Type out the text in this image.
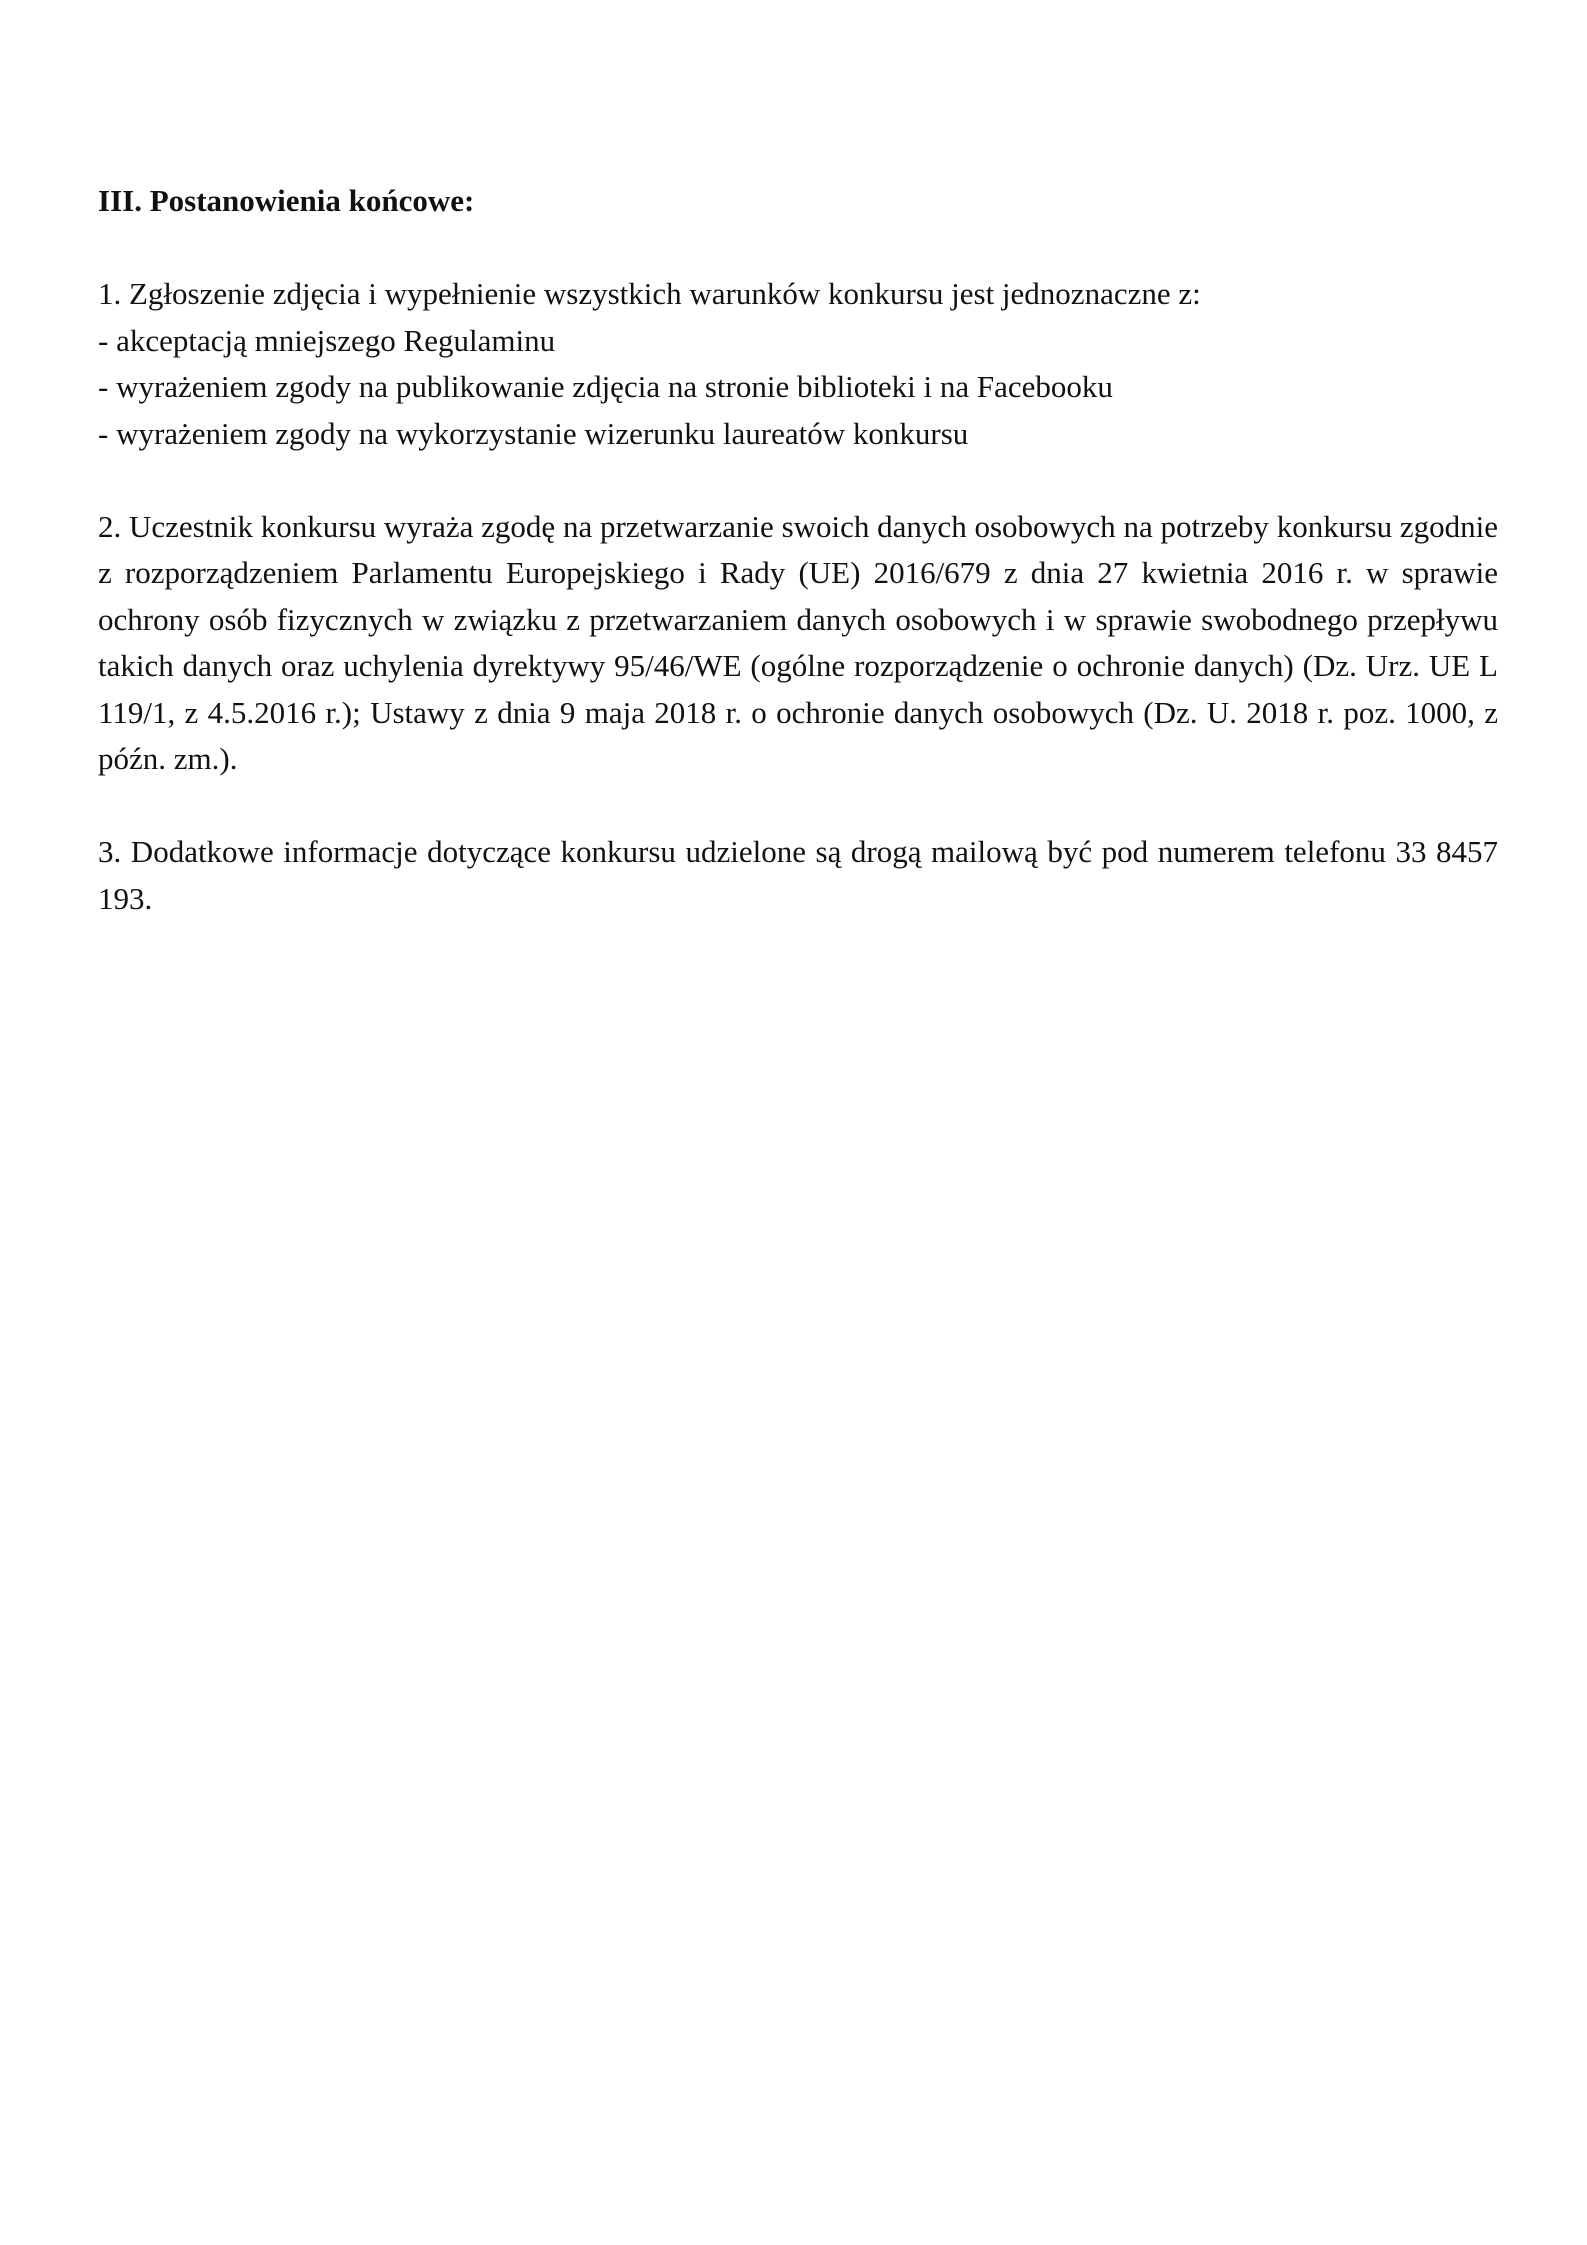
III. Postanowienia końcowe:

1. Zgłoszenie zdjęcia i wypełnienie wszystkich warunków konkursu jest jednoznaczne z:

- akceptacją mniejszego Regulaminu

- wyrażeniem zgody na publikowanie zdjęcia na stronie biblioteki i na Facebooku

- wyrażeniem zgody na wykorzystanie wizerunku laureatów konkursu

2. Uczestnik konkursu wyraża zgodę na przetwarzanie swoich danych osobowych na potrzeby konkursu zgodnie z rozporządzeniem Parlamentu Europejskiego i Rady (UE) 2016/679 z dnia 27 kwietnia 2016 r. w sprawie ochrony osób fizycznych w związku z przetwarzaniem danych osobowych i w sprawie swobodnego przepływu takich danych oraz uchylenia dyrektywy 95/46/WE (ogólne rozporządzenie o ochronie danych) (Dz. Urz. UE L 119/1, z 4.5.2016 r.); Ustawy z dnia 9 maja 2018 r. o ochronie danych osobowych (Dz. U. 2018 r. poz. 1000, z późn. zm.).

3. Dodatkowe informacje dotyczące konkursu udzielone są drogą mailową być pod numerem telefonu 33 8457 193.
